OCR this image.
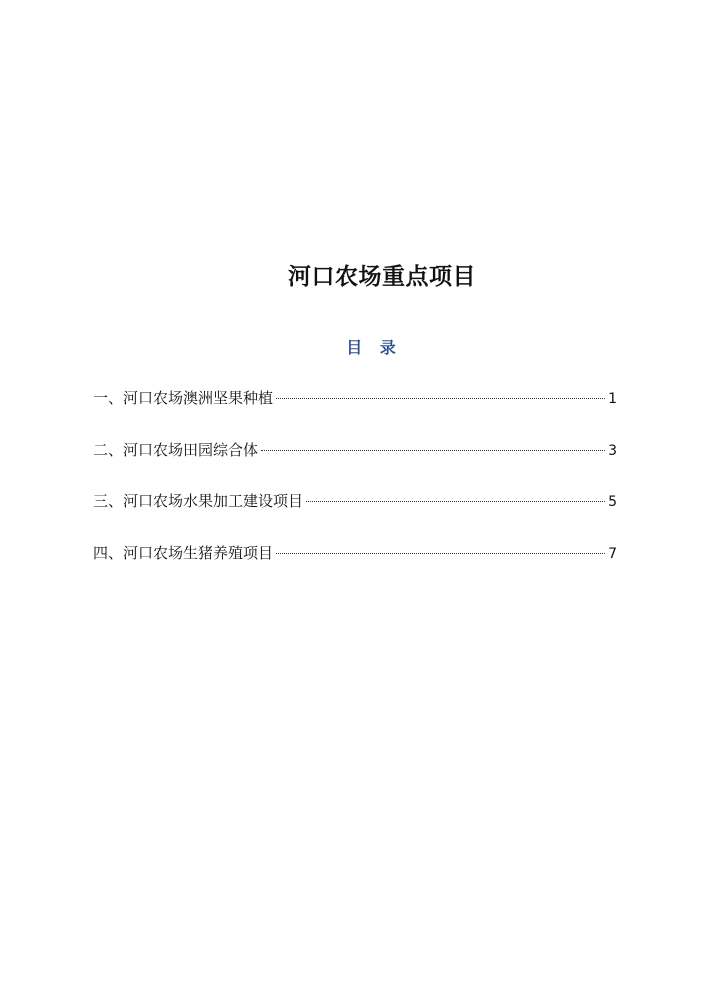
河口农场重点项目
目 录
一、河口农场澳洲坚果种植	1
二、河口农场田园综合体	3
三、河口农场水果加工建设项目	5
四、河口农场生猪养殖项目	7
